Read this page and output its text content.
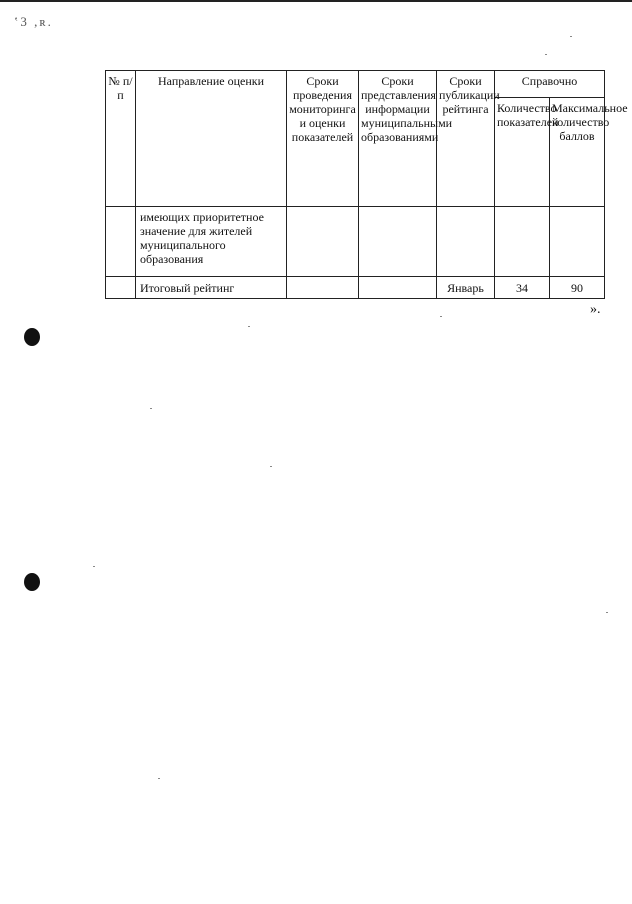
ʽ3 ,ʀ.
№ п/п	Направление оценки	Сроки проведения мониторинга и оценки показателей	Сроки представления информации муниципальными образованиями	Сроки публикации рейтинга	Справочно	
					Количество показателей	Максимальное количество баллов
	имеющих приоритетное значение для жителей муниципального образования					
	Итоговый рейтинг			Январь	34	90
».
